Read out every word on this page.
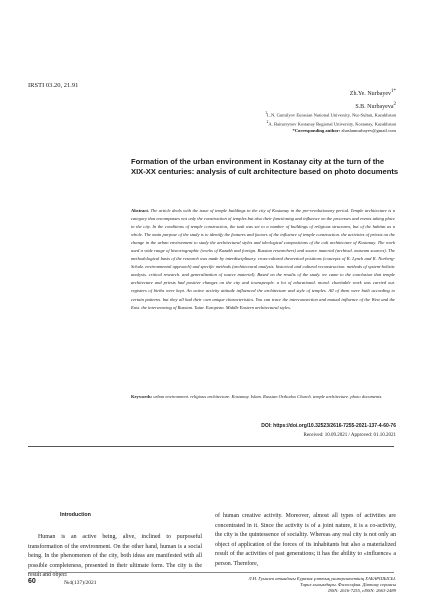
IRSTI 03.20, 21.91
Zh.Ye. Nurbayev$^{1*}$
S.B. Nurbayeva$^2$
$^1$L.N. Gumilyov Eurasian National University, Nur-Sultan, Kazakhstan
$^2$A. Baitursynov Kostanay Regional University, Kostanay, Kazakhstan
*Corresponding author: zhaslannurbayev@gmail.com
Formation of the urban environment in Kostanay city at the turn of the XIX-XX centuries: analysis of cult architecture based on photo documents

Abstract. The article deals with the issue of temple buildings in the city of Kostanay in the pre-revolutionary period. Temple architecture is a category that encompasses not only the construction of temples but also their functioning and influence on the processes and events taking place in the city. In the conditions of temple construction, the task was set to a number of buildings of religious structures, but of the habitat as a whole. The main purpose of the study is to identify the features and factors of the influence of temple construction. the activities of priests on the change in the urban environment to study the architectural styles and ideological compositions of the cult architecture of Kostanay. The work used a wide range of historiographic (works of Kazakh and foreign. Russian researchers) and source material (archival. museum sources). The methodological basis of the research was made by interdisciplinary. cross-cultural theoretical positions (concepts of K. Lynch and K. Norberg-Schulz. environmental approach) and specific methods (architectural analysis. historical and cultural reconstruction. methods of system-holistic analysis. critical research. and generalization of source material). Based on the results of the study. we came to the conclusion that temple architecture and priests had positive changes on the city and townspeople. a lot of educational. moral. charitable work was carried out. registers of births were kept. An active activity attitude influenced the architecture and style of temples. All of them were built according to certain patterns. but they all had their own unique characteristics. You can trace the interconnection and mutual influence of the West and the East. the interweaving of Russian. Tatar. European. Middle Eastern architectural styles.

Keywords: urban environment. religious architecture. Kostanay. Islam. Russian Orthodox Church. temple architecture. photo documents.

DOI: https://doi.org/10.32523/2616-7255-2021-137-4-60-76
Received: 10.09.2021 / Approved: 01.10.2021
Introduction

Human is an active being, alive, inclined to purposeful transformation of the environment. On the other hand, human is a social being. In the phenomenon of the city, both ideas are manifested with all possible completeness, presented in their ultimate form. The city is the result and object

of human creative activity. Moreover, almost all types of activities are concentrated in it. Since the activity is of a joint nature, it is a co-activity, the city is the quintessence of sociality. Whereas any real city is not only an object of application of the forces of its inhabitants but also a materialized result of the activities of past generations; it has the ability to «influence» a person. Therefore,

60	№4(137)/2021
Л.Н. Гумилев атындағы Еуразия ұлттық университетінің ХАБАРШЫСЫ.
Тарих ғылымдары. Философия. Дінтану сериясы
ISSN: 2616-7255, eISSN: 2663-2489
